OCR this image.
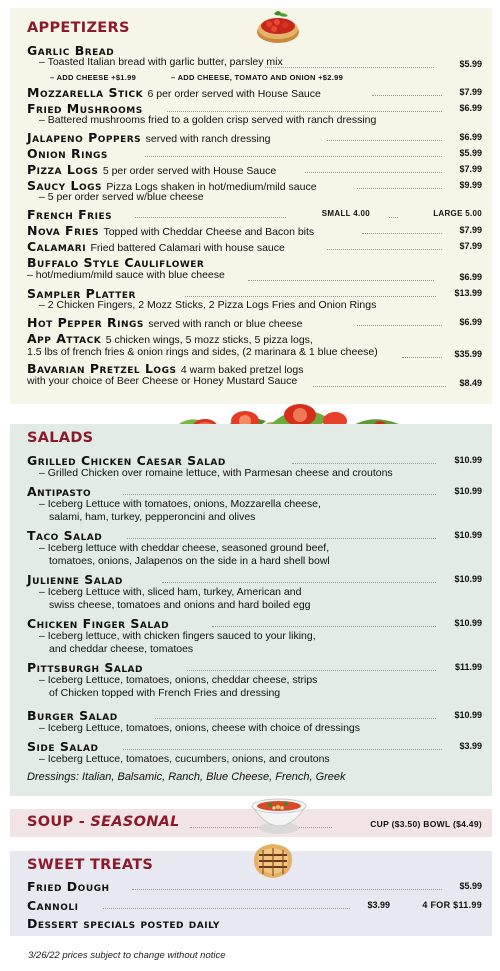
APPETIZERS
Garlic Bread
– Toasted Italian bread with garlic butter, parsley mix	$5.99
– ADD CHEESE +$1.99	– ADD CHEESE, TOMATO AND ONION +$2.99
Mozzarella Stick 6 per order served with House Sauce	$7.99
Fried Mushrooms	$6.99
– Battered mushrooms fried to a golden crisp served with ranch dressing
Jalapeno Poppers served with ranch dressing	$6.99
Onion Rings	$5.99
Pizza Logs 5 per order served with House Sauce	$7.99
Saucy Logs Pizza Logs shaken in hot/medium/mild sauce	$9.99
– 5 per order served w/blue cheese
French Fries	SMALL 4.00	LARGE 5.00
Nova Fries Topped with Cheddar Cheese and Bacon bits	$7.99
Calamari Fried battered Calamari with house sauce	$7.99
Buffalo Style Cauliflower
– hot/medium/mild sauce with blue cheese	$6.99
Sampler Platter	$13.99
– 2 Chicken Fingers, 2 Mozz Sticks, 2 Pizza Logs Fries and Onion Rings
Hot Pepper Rings served with ranch or blue cheese	$6.99
App Attack 5 chicken wings, 5 mozz sticks, 5 pizza logs,
1.5 lbs of french fries & onion rings and sides, (2 marinara & 1 blue cheese)	$35.99
Bavarian Pretzel Logs 4 warm baked pretzel logs
with your choice of Beer Cheese or Honey Mustard Sauce	$8.49
SALADS
Grilled Chicken Caesar Salad	$10.99
– Grilled Chicken over romaine lettuce, with Parmesan cheese and croutons
Antipasto	$10.99
– Iceberg Lettuce with tomatoes, onions, Mozzarella cheese,
salami, ham, turkey, pepperoncini and olives
Taco Salad	$10.99
– Iceberg lettuce with cheddar cheese, seasoned ground beef,
tomatoes, onions, Jalapenos on the side in a hard shell bowl
Julienne Salad	$10.99
– Iceberg Lettuce with, sliced ham, turkey, American and
swiss cheese, tomatoes and onions and hard boiled egg
Chicken Finger Salad	$10.99
– Iceberg lettuce, with chicken fingers sauced to your liking,
and cheddar cheese, tomatoes
Pittsburgh Salad	$11.99
– Iceberg Lettuce, tomatoes, onions, cheddar cheese, strips
of Chicken topped with French Fries and dressing
Burger Salad	$10.99
– Iceberg Lettuce, tomatoes, onions, cheese with choice of dressings
Side Salad	$3.99
– Iceberg Lettuce, tomatoes, cucumbers, onions, and croutons
Dressings: Italian, Balsamic, Ranch, Blue Cheese, French, Greek
SOUP - SEASONAL	CUP ($3.50) BOWL ($4.49)
SWEET TREATS
Fried Dough	$5.99
Cannoli	$3.99	4 FOR $11.99
Dessert specials posted daily
3/26/22 prices subject to change without notice
